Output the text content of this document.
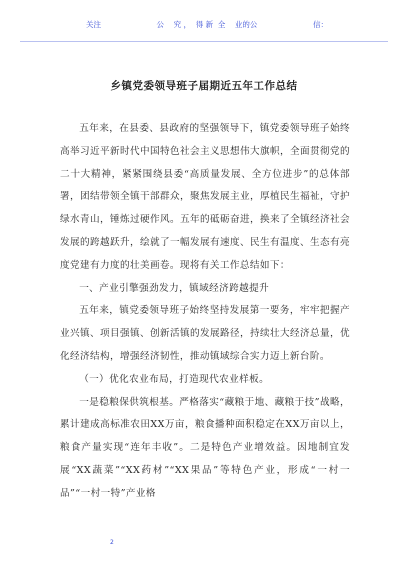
关注	公    究 ，  得 新  全    业的公	信：
乡镇党委领导班子届期近五年工作总结

五年来，在县委、县政府的坚强领导下，镇党委领导班子始终高举习近平新时代中国特色社会主义思想伟大旗帜，全面贯彻党的二十大精神，紧紧围绕县委“高质量发展、全方位进步”的总体部署，团结带领全镇干部群众，聚焦发展主业，厚植民生福祉，守护绿水青山，锤炼过硬作风。五年的砥砺奋进，换来了全镇经济社会发展的跨越跃升，绘就了一幅发展有速度、民生有温度、生态有亮度党建有力度的壮美画卷。现将有关工作总结如下：

一、产业引擎强劲发力，镇域经济跨越提升

五年来，镇党委领导班子始终坚持发展第一要务，牢牢把握产业兴镇、项目强镇、创新活镇的发展路径，持续壮大经济总量，优化经济结构，增强经济韧性，推动镇域综合实力迈上新台阶。

（一）优化农业布局，打造现代农业样板。

一是稳粮保供筑根基。严格落实“藏粮于地、藏粮于技”战略，累计建成高标准农田XX万亩，粮食播种面积稳定在XX万亩以上，粮食产量实现“连年丰收”。二是特色产业增效益。因地制宜发展“XX蔬菜”“XX药材”“XX果品”等特色产业，形成“一村一品”“一村一特”产业格

2
